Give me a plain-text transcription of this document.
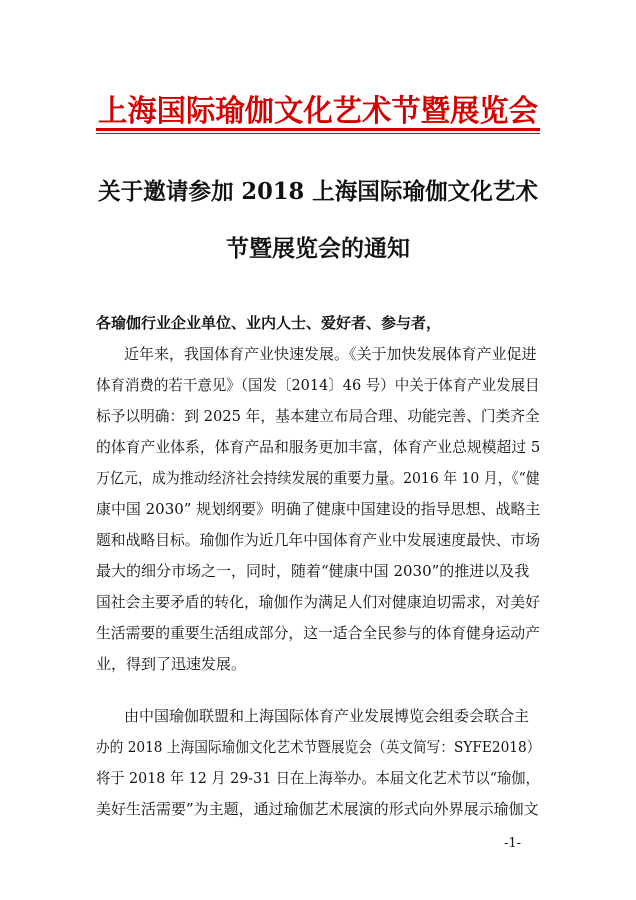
上海国际瑜伽文化艺术节暨展览会
关于邀请参加 2018 上海国际瑜伽文化艺术
节暨展览会的通知
各瑜伽行业企业单位、业内人士、爱好者、参与者，
近年来，我国体育产业快速发展。《关于加快发展体育产业促进
体育消费的若干意见》（国发〔2014〕46 号）中关于体育产业发展目
标予以明确：到 2025 年，基本建立布局合理、功能完善、门类齐全
的体育产业体系，体育产品和服务更加丰富，体育产业总规模超过 5
万亿元，成为推动经济社会持续发展的重要力量。2016 年 10 月，《“健
康中国 2030” 规划纲要》明确了健康中国建设的指导思想、战略主
题和战略目标。瑜伽作为近几年中国体育产业中发展速度最快、市场
最大的细分市场之一，同时，随着“健康中国 2030”的推进以及我
国社会主要矛盾的转化，瑜伽作为满足人们对健康迫切需求，对美好
生活需要的重要生活组成部分，这一适合全民参与的体育健身运动产
业，得到了迅速发展。
由中国瑜伽联盟和上海国际体育产业发展博览会组委会联合主
办的 2018 上海国际瑜伽文化艺术节暨展览会（英文简写：SYFE2018）
将于 2018 年 12 月 29-31 日在上海举办。本届文化艺术节以“瑜伽，
美好生活需要”为主题，通过瑜伽艺术展演的形式向外界展示瑜伽文
-1-
